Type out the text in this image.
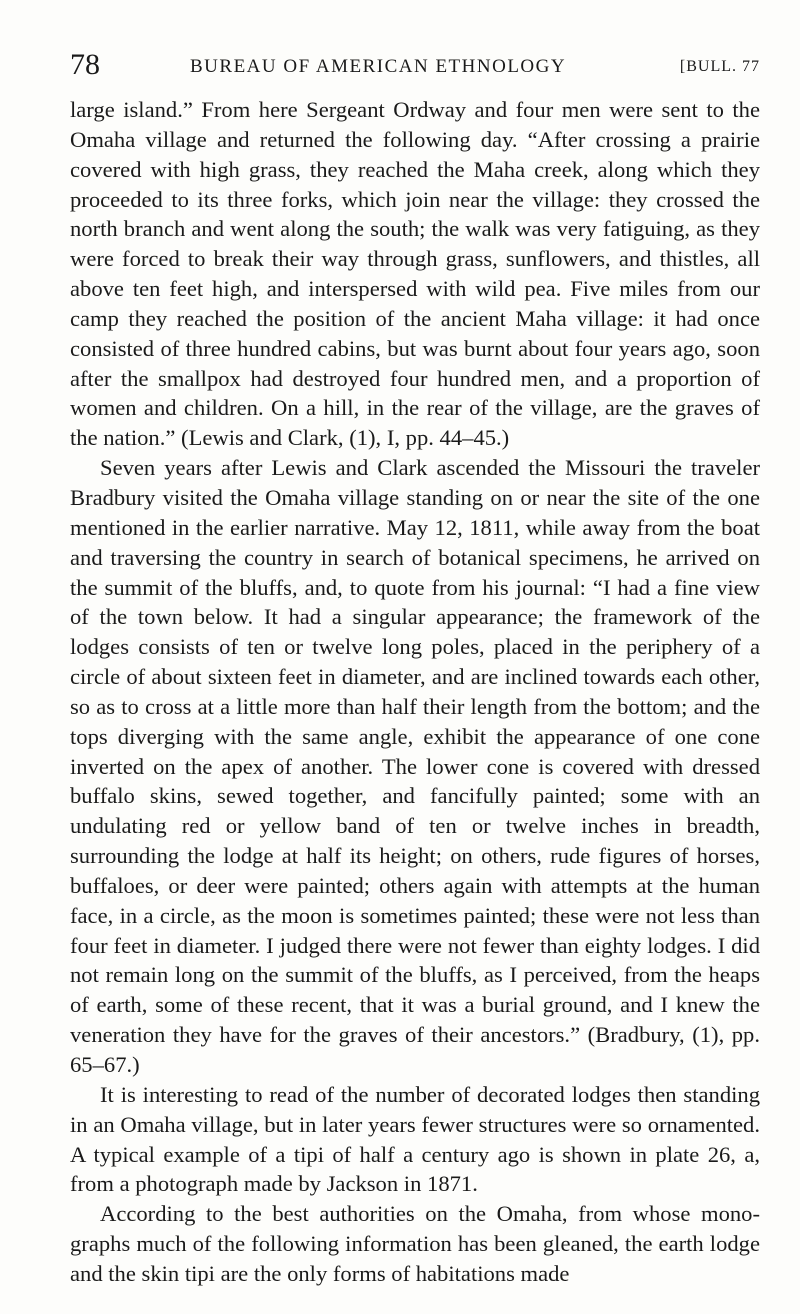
78	BUREAU OF AMERICAN ETHNOLOGY	[BULL. 77

large island.” From here Sergeant Ordway and four men were sent to the Omaha village and returned the following day. “After crossing a prairie covered with high grass, they reached the Maha creek, along which they proceeded to its three forks, which join near the village: they crossed the north branch and went along the south; the walk was very fatiguing, as they were forced to break their way through grass, sunflowers, and thistles, all above ten feet high, and interspersed with wild pea. Five miles from our camp they reached the position of the ancient Maha village: it had once consisted of three hundred cabins, but was burnt about four years ago, soon after the smallpox had destroyed four hundred men, and a proportion of women and children. On a hill, in the rear of the village, are the graves of the nation.” (Lewis and Clark, (1), I, pp. 44–45.)

Seven years after Lewis and Clark ascended the Missouri the traveler Bradbury visited the Omaha village standing on or near the site of the one mentioned in the earlier narrative. May 12, 1811, while away from the boat and traversing the country in search of botanical specimens, he arrived on the summit of the bluffs, and, to quote from his journal: “I had a fine view of the town below. It had a singular appearance; the framework of the lodges consists of ten or twelve long poles, placed in the periphery of a circle of about sixteen feet in diameter, and are inclined towards each other, so as to cross at a little more than half their length from the bottom; and the tops diverging with the same angle, exhibit the appearance of one cone inverted on the apex of another. The lower cone is covered with dressed buffalo skins, sewed together, and fancifully painted; some with an undulating red or yellow band of ten or twelve inches in breadth, surrounding the lodge at half its height; on others, rude figures of horses, buffaloes, or deer were painted; others again with attempts at the human face, in a circle, as the moon is sometimes painted; these were not less than four feet in diameter. I judged there were not fewer than eighty lodges. I did not remain long on the summit of the bluffs, as I perceived, from the heaps of earth, some of these recent, that it was a burial ground, and I knew the veneration they have for the graves of their ancestors.” (Bradbury, (1), pp. 65–67.)

It is interesting to read of the number of decorated lodges then standing in an Omaha village, but in later years fewer structures were so ornamented. A typical example of a tipi of half a century ago is shown in plate 26, a, from a photograph made by Jackson in 1871.

According to the best authorities on the Omaha, from whose monographs much of the following information has been gleaned, the earth lodge and the skin tipi are the only forms of habitations made
